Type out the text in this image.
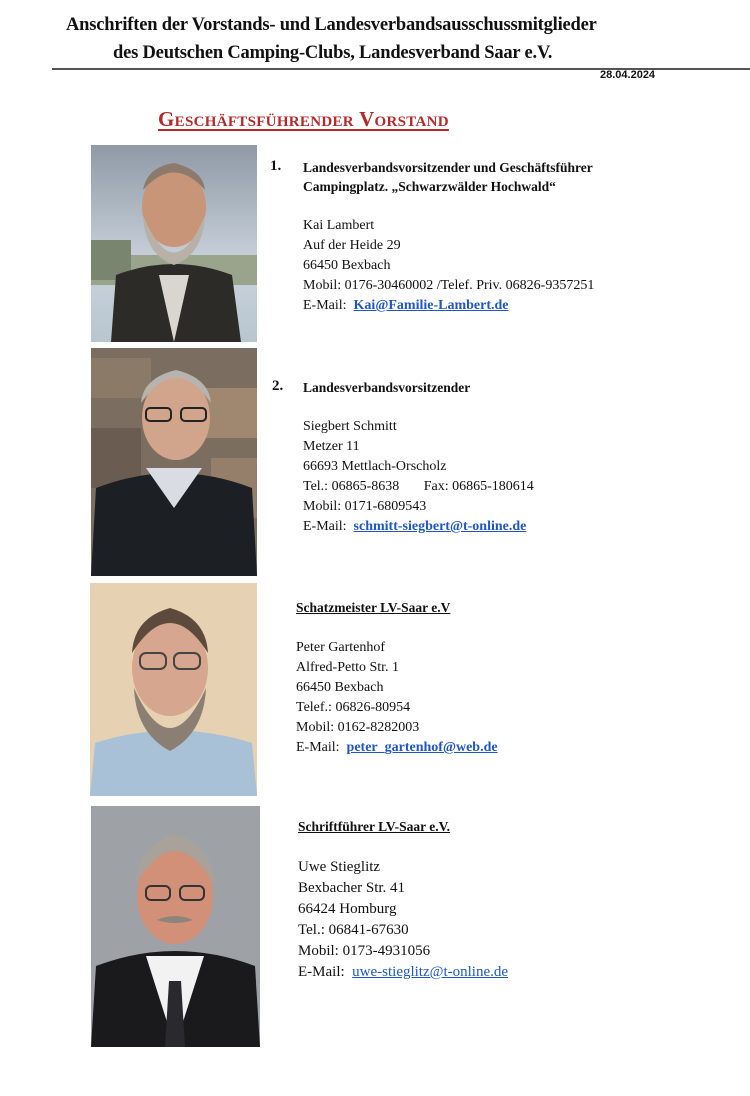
Anschriften der Vorstands- und Landesverbandsausschussmitglieder
des Deutschen Camping-Clubs, Landesverband Saar e.V.
28.04.2024
Geschäftsführender Vorstand
1. Landesverbandsvorsitzender und Geschäftsführer
Campingplatz. „Schwarzwälder Hochwald“
Kai Lambert
Auf der Heide 29
66450 Bexbach
Mobil: 0176-30460002 /Telef. Priv. 06826-9357251
E-Mail: Kai@Familie-Lambert.de
2. Landesverbandsvorsitzender
Siegbert Schmitt
Metzer 11
66693 Mettlach-Orscholz
Tel.: 06865-8638 Fax: 06865-180614
Mobil: 0171-6809543
E-Mail: schmitt-siegbert@t-online.de
Schatzmeister LV-Saar e.V
Peter Gartenhof
Alfred-Petto Str. 1
66450 Bexbach
Telef.: 06826-80954
Mobil: 0162-8282003
E-Mail: peter_gartenhof@web.de
Schriftführer LV-Saar e.V.
Uwe Stieglitz
Bexbacher Str. 41
66424 Homburg
Tel.: 06841-67630
Mobil: 0173-4931056
E-Mail: uwe-stieglitz@t-online.de
